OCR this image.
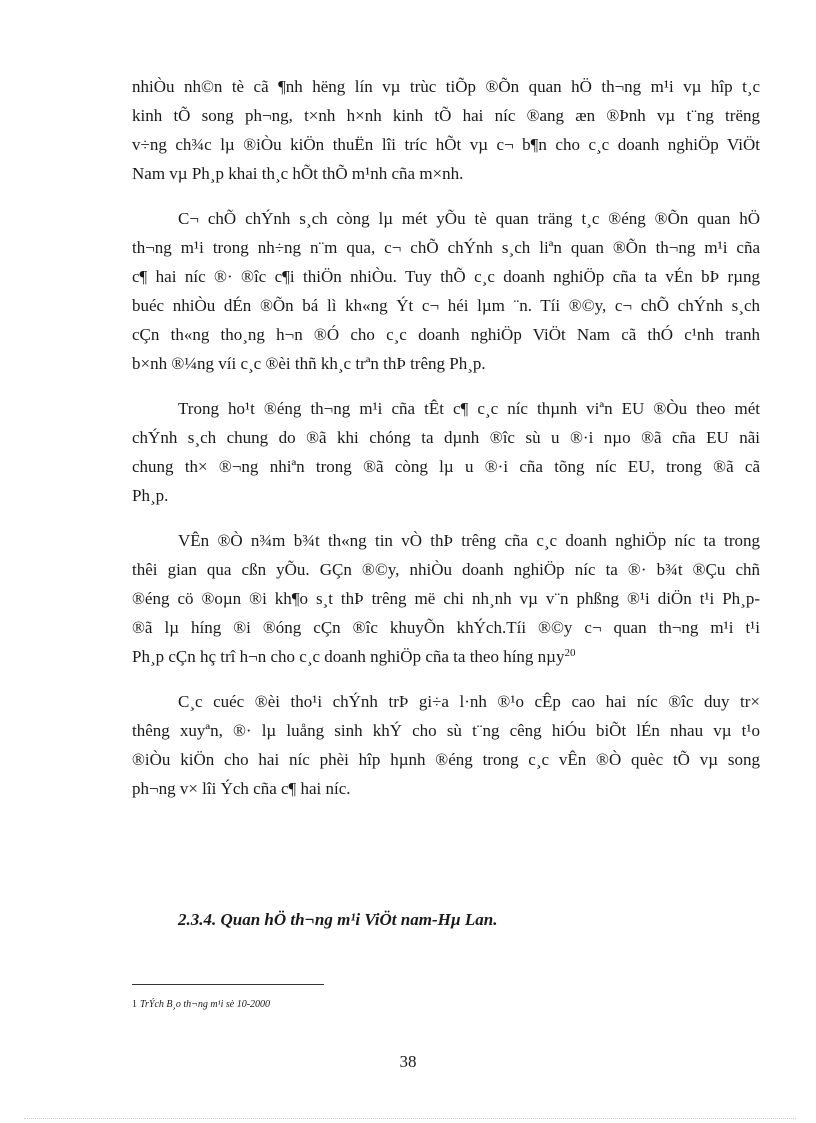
nhiÒu nh©n tè cã ¶nh hëng lín vµ trùc tiÕp ®Õn quan hÖ th¬ng m¹i vµ hîp t¸c
kinh tÕ song ph¬ng, t×nh h×nh kinh tÕ hai níc ®ang æn ®Þnh vµ t¨ng trëng
v÷ng ch¾c lµ ®iÒu kiÖn thuËn lîi tríc hÕt vµ c¬ b¶n cho c¸c doanh nghiÖp ViÖt
Nam vµ Ph¸p khai th¸c hÕt thÕ m¹nh cña m×nh.
C¬ chÕ chÝnh s¸ch còng lµ mét yÕu tè quan träng t¸c ®éng ®Õn quan hÖ
th¬ng m¹i trong nh÷ng n¨m qua, c¬ chÕ chÝnh s¸ch liªn quan ®Õn th¬ng m¹i cña
c¶ hai níc ®· ®îc c¶i thiÖn nhiÒu. Tuy thÕ c¸c doanh nghiÖp cña ta vÉn bÞ rµng
buéc nhiÒu dÉn ®Õn bá lì kh«ng Ýt c¬ héi lµm ¨n. Tíi ®©y, c¬ chÕ chÝnh s¸ch
cÇn th«ng tho¸ng h¬n ®Ó cho c¸c doanh nghiÖp ViÖt Nam cã thÓ c¹nh tranh
b×nh ®¼ng víi c¸c ®èi thñ kh¸c trªn thÞ trêng Ph¸p.
Trong ho¹t ®éng th¬ng m¹i cña tÊt c¶ c¸c níc thµnh viªn EU ®Òu theo mét
chÝnh s¸ch chung do ®ã khi chóng ta dµnh ®îc sù u ®·i nµo ®ã cña EU nãi
chung th× ®¬ng nhiªn trong ®ã còng lµ u ®·i cña tõng níc EU, trong ®ã cã
Ph¸p.
VÊn ®Ò n¾m b¾t th«ng tin vÒ thÞ trêng cña c¸c doanh nghiÖp níc ta trong
thêi gian qua cßn yÕu. GÇn ®©y, nhiÒu doanh nghiÖp níc ta ®· b¾t ®Çu chñ
®éng cö ®oµn ®i kh¶o s¸t thÞ trêng më chi nh¸nh vµ v¨n phßng ®¹i diÖn t¹i Ph¸p-
®ã lµ híng ®i ®óng cÇn ®îc khuyÕn khÝch.Tíi ®©y c¬ quan th¬ng m¹i t¹i
Ph¸p cÇn hç trî h¬n cho c¸c doanh nghiÖp cña ta theo híng nµy$^{20}$
C¸c cuéc ®èi tho¹i chÝnh trÞ gi÷a l·nh ®¹o cÊp cao hai níc ®îc duy tr×
thêng xuyªn, ®· lµ luång sinh khÝ cho sù t¨ng cêng hiÓu biÕt lÉn nhau vµ t¹o
®iÒu kiÖn cho hai níc phèi hîp hµnh ®éng trong c¸c vÊn ®Ò quèc tÕ vµ song
ph¬ng v× lîi Ých cña c¶ hai níc.
2.3.4. Quan hÖ th¬ng m¹i ViÖt nam-Hµ Lan.
1 TrÝch B¸o th¬ng m¹i sè 10-2000
38
